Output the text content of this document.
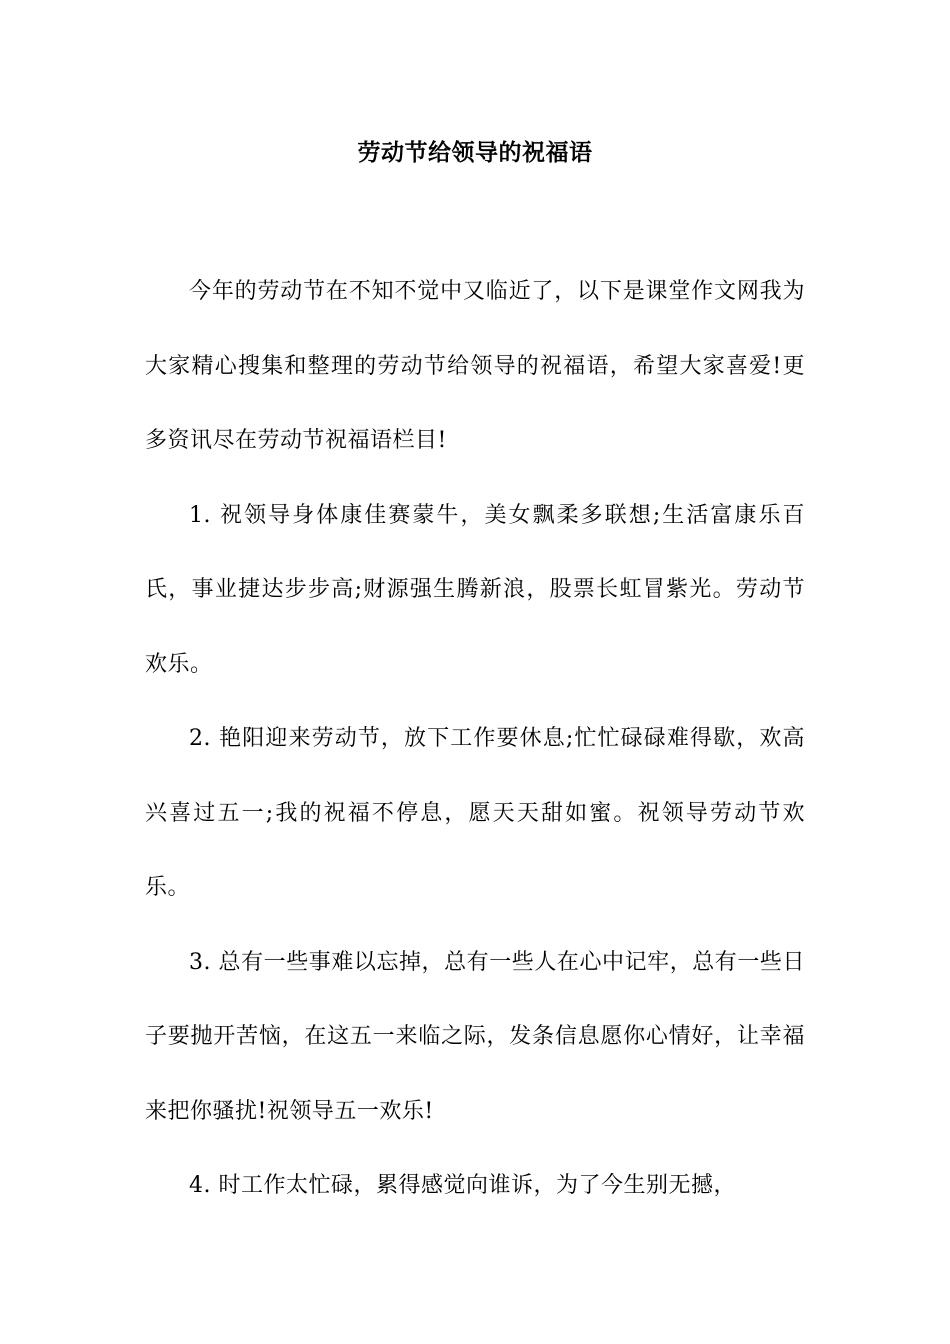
劳动节给领导的祝福语

今年的劳动节在不知不觉中又临近了，以下是课堂作文网我为大家精心搜集和整理的劳动节给领导的祝福语，希望大家喜爱!更多资讯尽在劳动节祝福语栏目!

1. 祝领导身体康佳赛蒙牛，美女飘柔多联想;生活富康乐百氏，事业捷达步步高;财源强生腾新浪，股票长虹冒紫光。劳动节欢乐。

2. 艳阳迎来劳动节，放下工作要休息;忙忙碌碌难得歇，欢高兴喜过五一;我的祝福不停息，愿天天甜如蜜。祝领导劳动节欢乐。

3. 总有一些事难以忘掉，总有一些人在心中记牢，总有一些日子要抛开苦恼，在这五一来临之际，发条信息愿你心情好，让幸福来把你骚扰!祝领导五一欢乐!

4. 时工作太忙碌，累得感觉向谁诉，为了今生别无撼，
